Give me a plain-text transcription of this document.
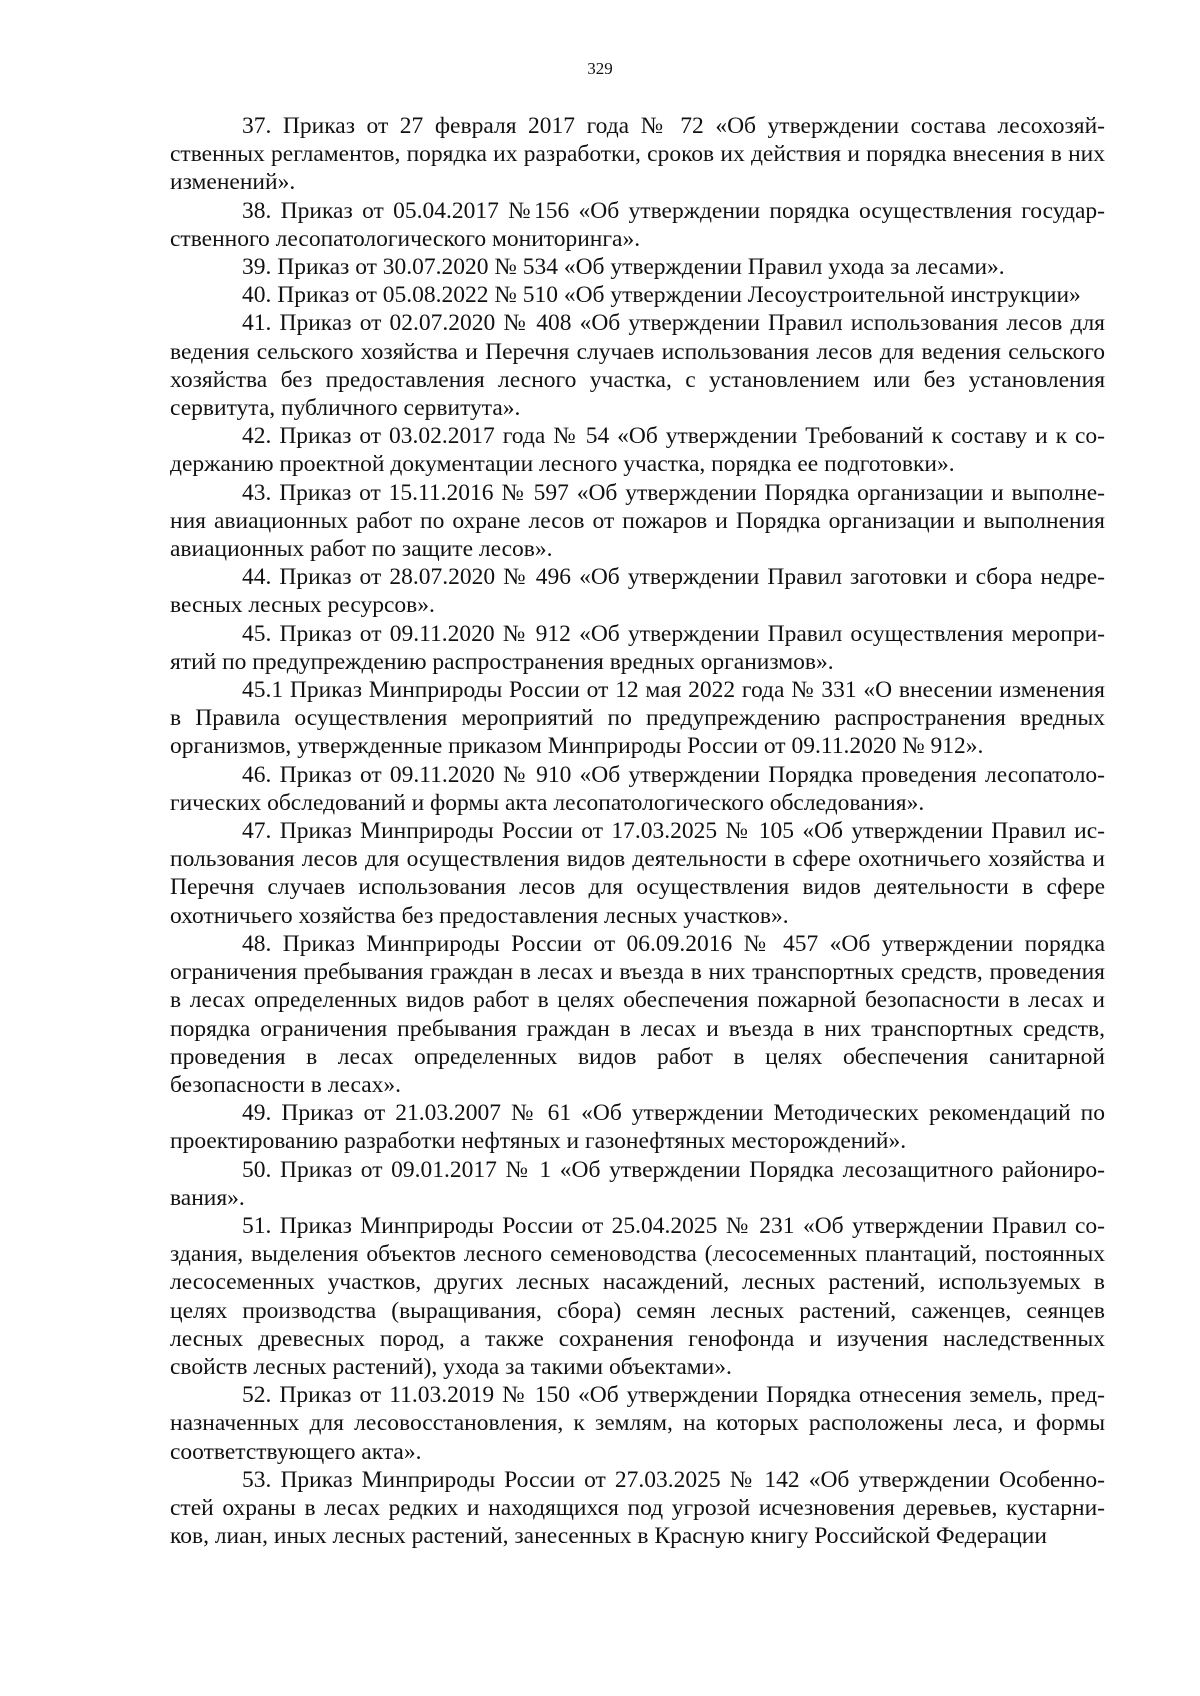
329

37. Приказ от 27 февраля 2017 года № 72 «Об утверждении состава лесохозяйственных регламентов, порядка их разработки, сроков их действия и порядка внесения в них изменений».

38. Приказ от 05.04.2017 №156 «Об утверждении порядка осуществления государственного лесопатологического мониторинга».

39. Приказ от 30.07.2020 № 534 «Об утверждении Правил ухода за лесами».

40. Приказ от 05.08.2022 № 510 «Об утверждении Лесоустроительной инструкции»

41. Приказ от 02.07.2020 № 408 «Об утверждении Правил использования лесов для ведения сельского хозяйства и Перечня случаев использования лесов для ведения сельского хозяйства без предоставления лесного участка, с установлением или без установления сервитута, публичного сервитута».

42. Приказ от 03.02.2017 года № 54 «Об утверждении Требований к составу и к содержанию проектной документации лесного участка, порядка ее подготовки».

43. Приказ от 15.11.2016 № 597 «Об утверждении Порядка организации и выполнения авиационных работ по охране лесов от пожаров и Порядка организации и выполнения авиационных работ по защите лесов».

44. Приказ от 28.07.2020 № 496 «Об утверждении Правил заготовки и сбора недревесных лесных ресурсов».

45. Приказ от 09.11.2020 № 912 «Об утверждении Правил осуществления мероприятий по предупреждению распространения вредных организмов».

45.1 Приказ Минприроды России от 12 мая 2022 года № 331 «О внесении изменения в Правила осуществления мероприятий по предупреждению распространения вредных организмов, утвержденные приказом Минприроды России от 09.11.2020 № 912».

46. Приказ от 09.11.2020 № 910 «Об утверждении Порядка проведения лесопатологических обследований и формы акта лесопатологического обследования».

47. Приказ Минприроды России от 17.03.2025 № 105 «Об утверждении Правил использования лесов для осуществления видов деятельности в сфере охотничьего хозяйства и Перечня случаев использования лесов для осуществления видов деятельности в сфере охотничьего хозяйства без предоставления лесных участков».

48. Приказ Минприроды России от 06.09.2016 № 457 «Об утверждении порядка ограничения пребывания граждан в лесах и въезда в них транспортных средств, проведения в лесах определенных видов работ в целях обеспечения пожарной безопасности в лесах и порядка ограничения пребывания граждан в лесах и въезда в них транспортных средств, проведения в лесах определенных видов работ в целях обеспечения санитарной безопасности в лесах».

49. Приказ от 21.03.2007 № 61 «Об утверждении Методических рекомендаций по проектированию разработки нефтяных и газонефтяных месторождений».

50. Приказ от 09.01.2017 № 1 «Об утверждении Порядка лесозащитного районирования».

51. Приказ Минприроды России от 25.04.2025 № 231 «Об утверждении Правил создания, выделения объектов лесного семеноводства (лесосеменных плантаций, постоянных лесосеменных участков, других лесных насаждений, лесных растений, используемых в целях производства (выращивания, сбора) семян лесных растений, саженцев, сеянцев лесных древесных пород, а также сохранения генофонда и изучения наследственных свойств лесных растений), ухода за такими объектами».

52. Приказ от 11.03.2019 № 150 «Об утверждении Порядка отнесения земель, предназначенных для лесовосстановления, к землям, на которых расположены леса, и формы соответствующего акта».

53. Приказ Минприроды России от 27.03.2025 № 142 «Об утверждении Особенностей охраны в лесах редких и находящихся под угрозой исчезновения деревьев, кустарников, лиан, иных лесных растений, занесенных в Красную книгу Российской Федерации
